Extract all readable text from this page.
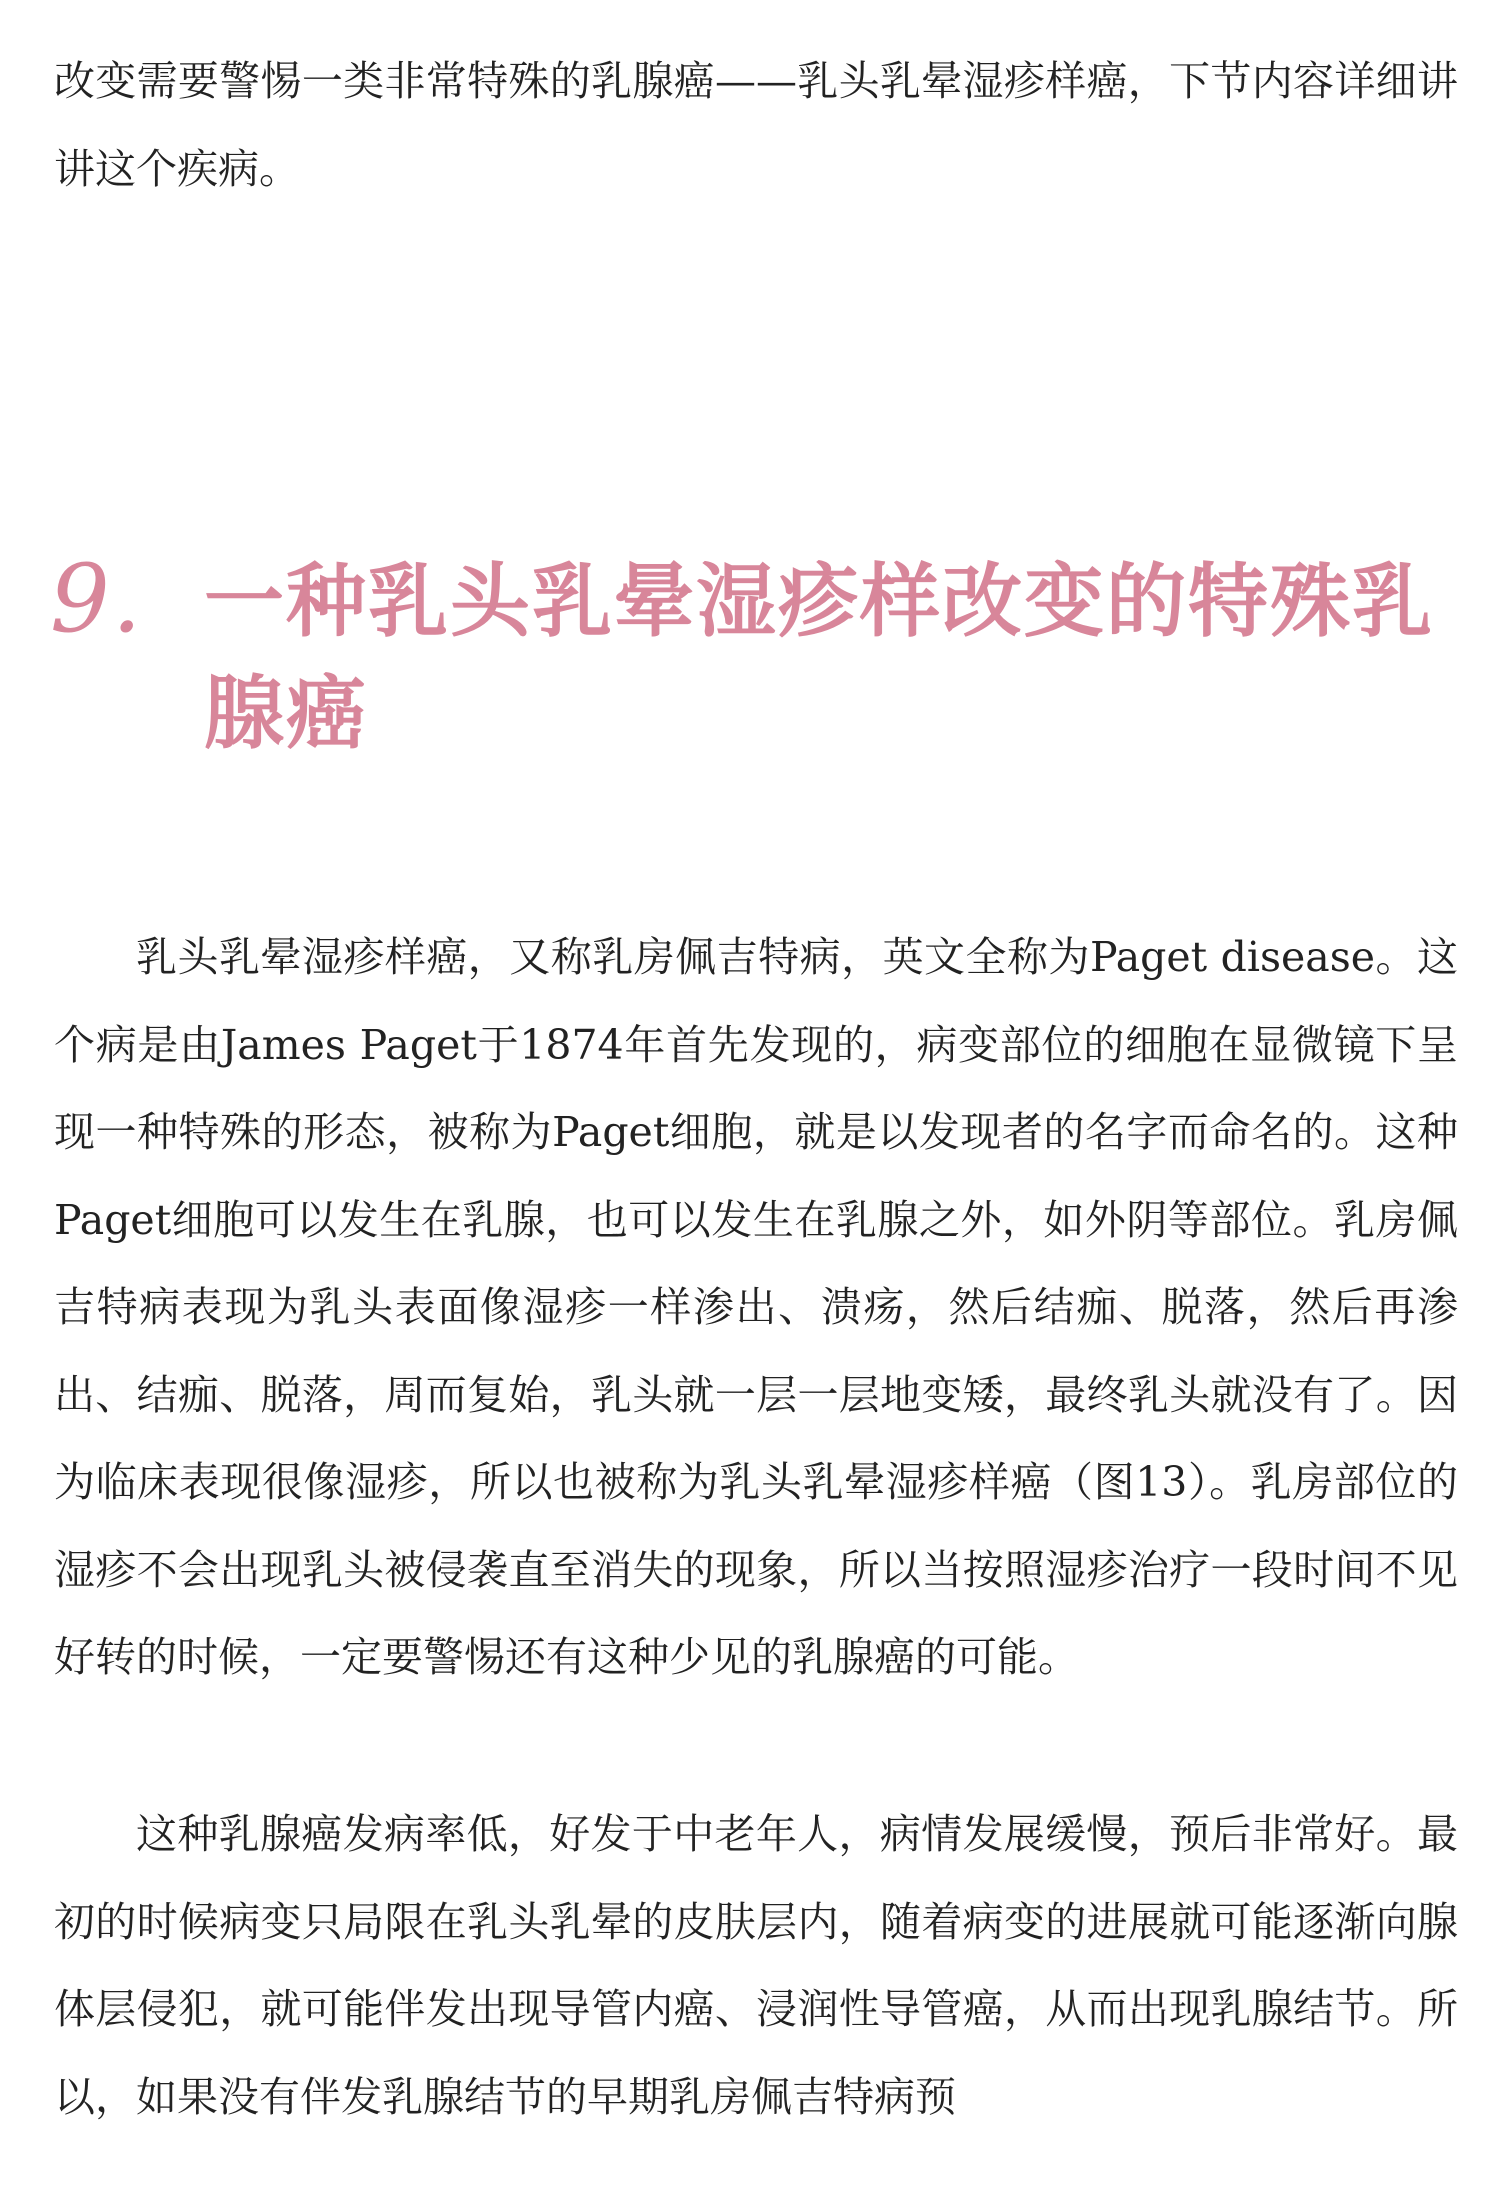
改变需要警惕一类非常特殊的乳腺癌——乳头乳晕湿疹样癌，下节内容详细讲讲这个疾病。

9. 一种乳头乳晕湿疹样改变的特殊乳腺癌

乳头乳晕湿疹样癌，又称乳房佩吉特病，英文全称为Paget disease。这个病是由James Paget于1874年首先发现的，病变部位的细胞在显微镜下呈现一种特殊的形态，被称为Paget细胞，就是以发现者的名字而命名的。这种Paget细胞可以发生在乳腺，也可以发生在乳腺之外，如外阴等部位。乳房佩吉特病表现为乳头表面像湿疹一样渗出、溃疡，然后结痂、脱落，然后再渗出、结痂、脱落，周而复始，乳头就一层一层地变矮，最终乳头就没有了。因为临床表现很像湿疹，所以也被称为乳头乳晕湿疹样癌（图13）。乳房部位的湿疹不会出现乳头被侵袭直至消失的现象，所以当按照湿疹治疗一段时间不见好转的时候，一定要警惕还有这种少见的乳腺癌的可能。

这种乳腺癌发病率低，好发于中老年人，病情发展缓慢，预后非常好。最初的时候病变只局限在乳头乳晕的皮肤层内，随着病变的进展就可能逐渐向腺体层侵犯，就可能伴发出现导管内癌、浸润性导管癌，从而出现乳腺结节。所以，如果没有伴发乳腺结节的早期乳房佩吉特病预
